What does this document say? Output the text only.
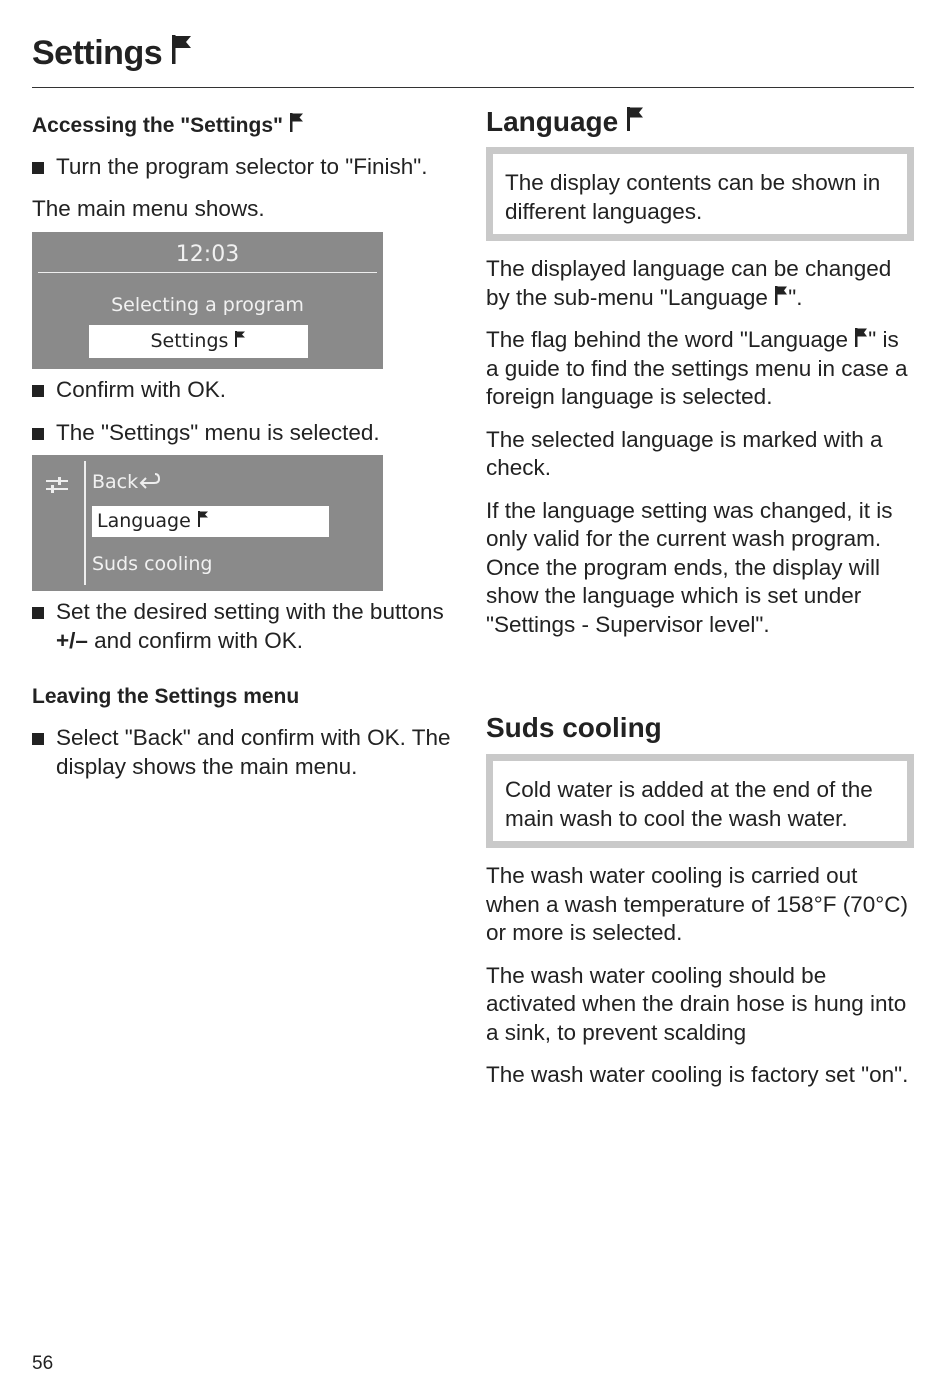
Settings
Accessing the "Settings"
Turn the program selector to "Finish".

The main menu shows.

12:03
Selecting a program
Settings
Confirm with OK.
The "Settings" menu is selected.
Back
Language
Suds cooling
Set the desired setting with the buttons +/– and confirm with OK.
Leaving the Settings menu
Select "Back" and confirm with OK. The display shows the main menu.
Language
The display contents can be shown in different languages.

The displayed language can be changed by the sub-menu "Language ".

The flag behind the word "Language " is a guide to find the settings menu in case a foreign language is selected.

The selected language is marked with a check.

If the language setting was changed, it is only valid for the current wash program. Once the program ends, the display will show the language which is set under "Settings - Supervisor level".

Suds cooling
Cold water is added at the end of the main wash to cool the wash water.

The wash water cooling is carried out when a wash temperature of 158°F (70°C) or more is selected.

The wash water cooling should be activated when the drain hose is hung into a sink, to prevent scalding

The wash water cooling is factory set "on".

56
